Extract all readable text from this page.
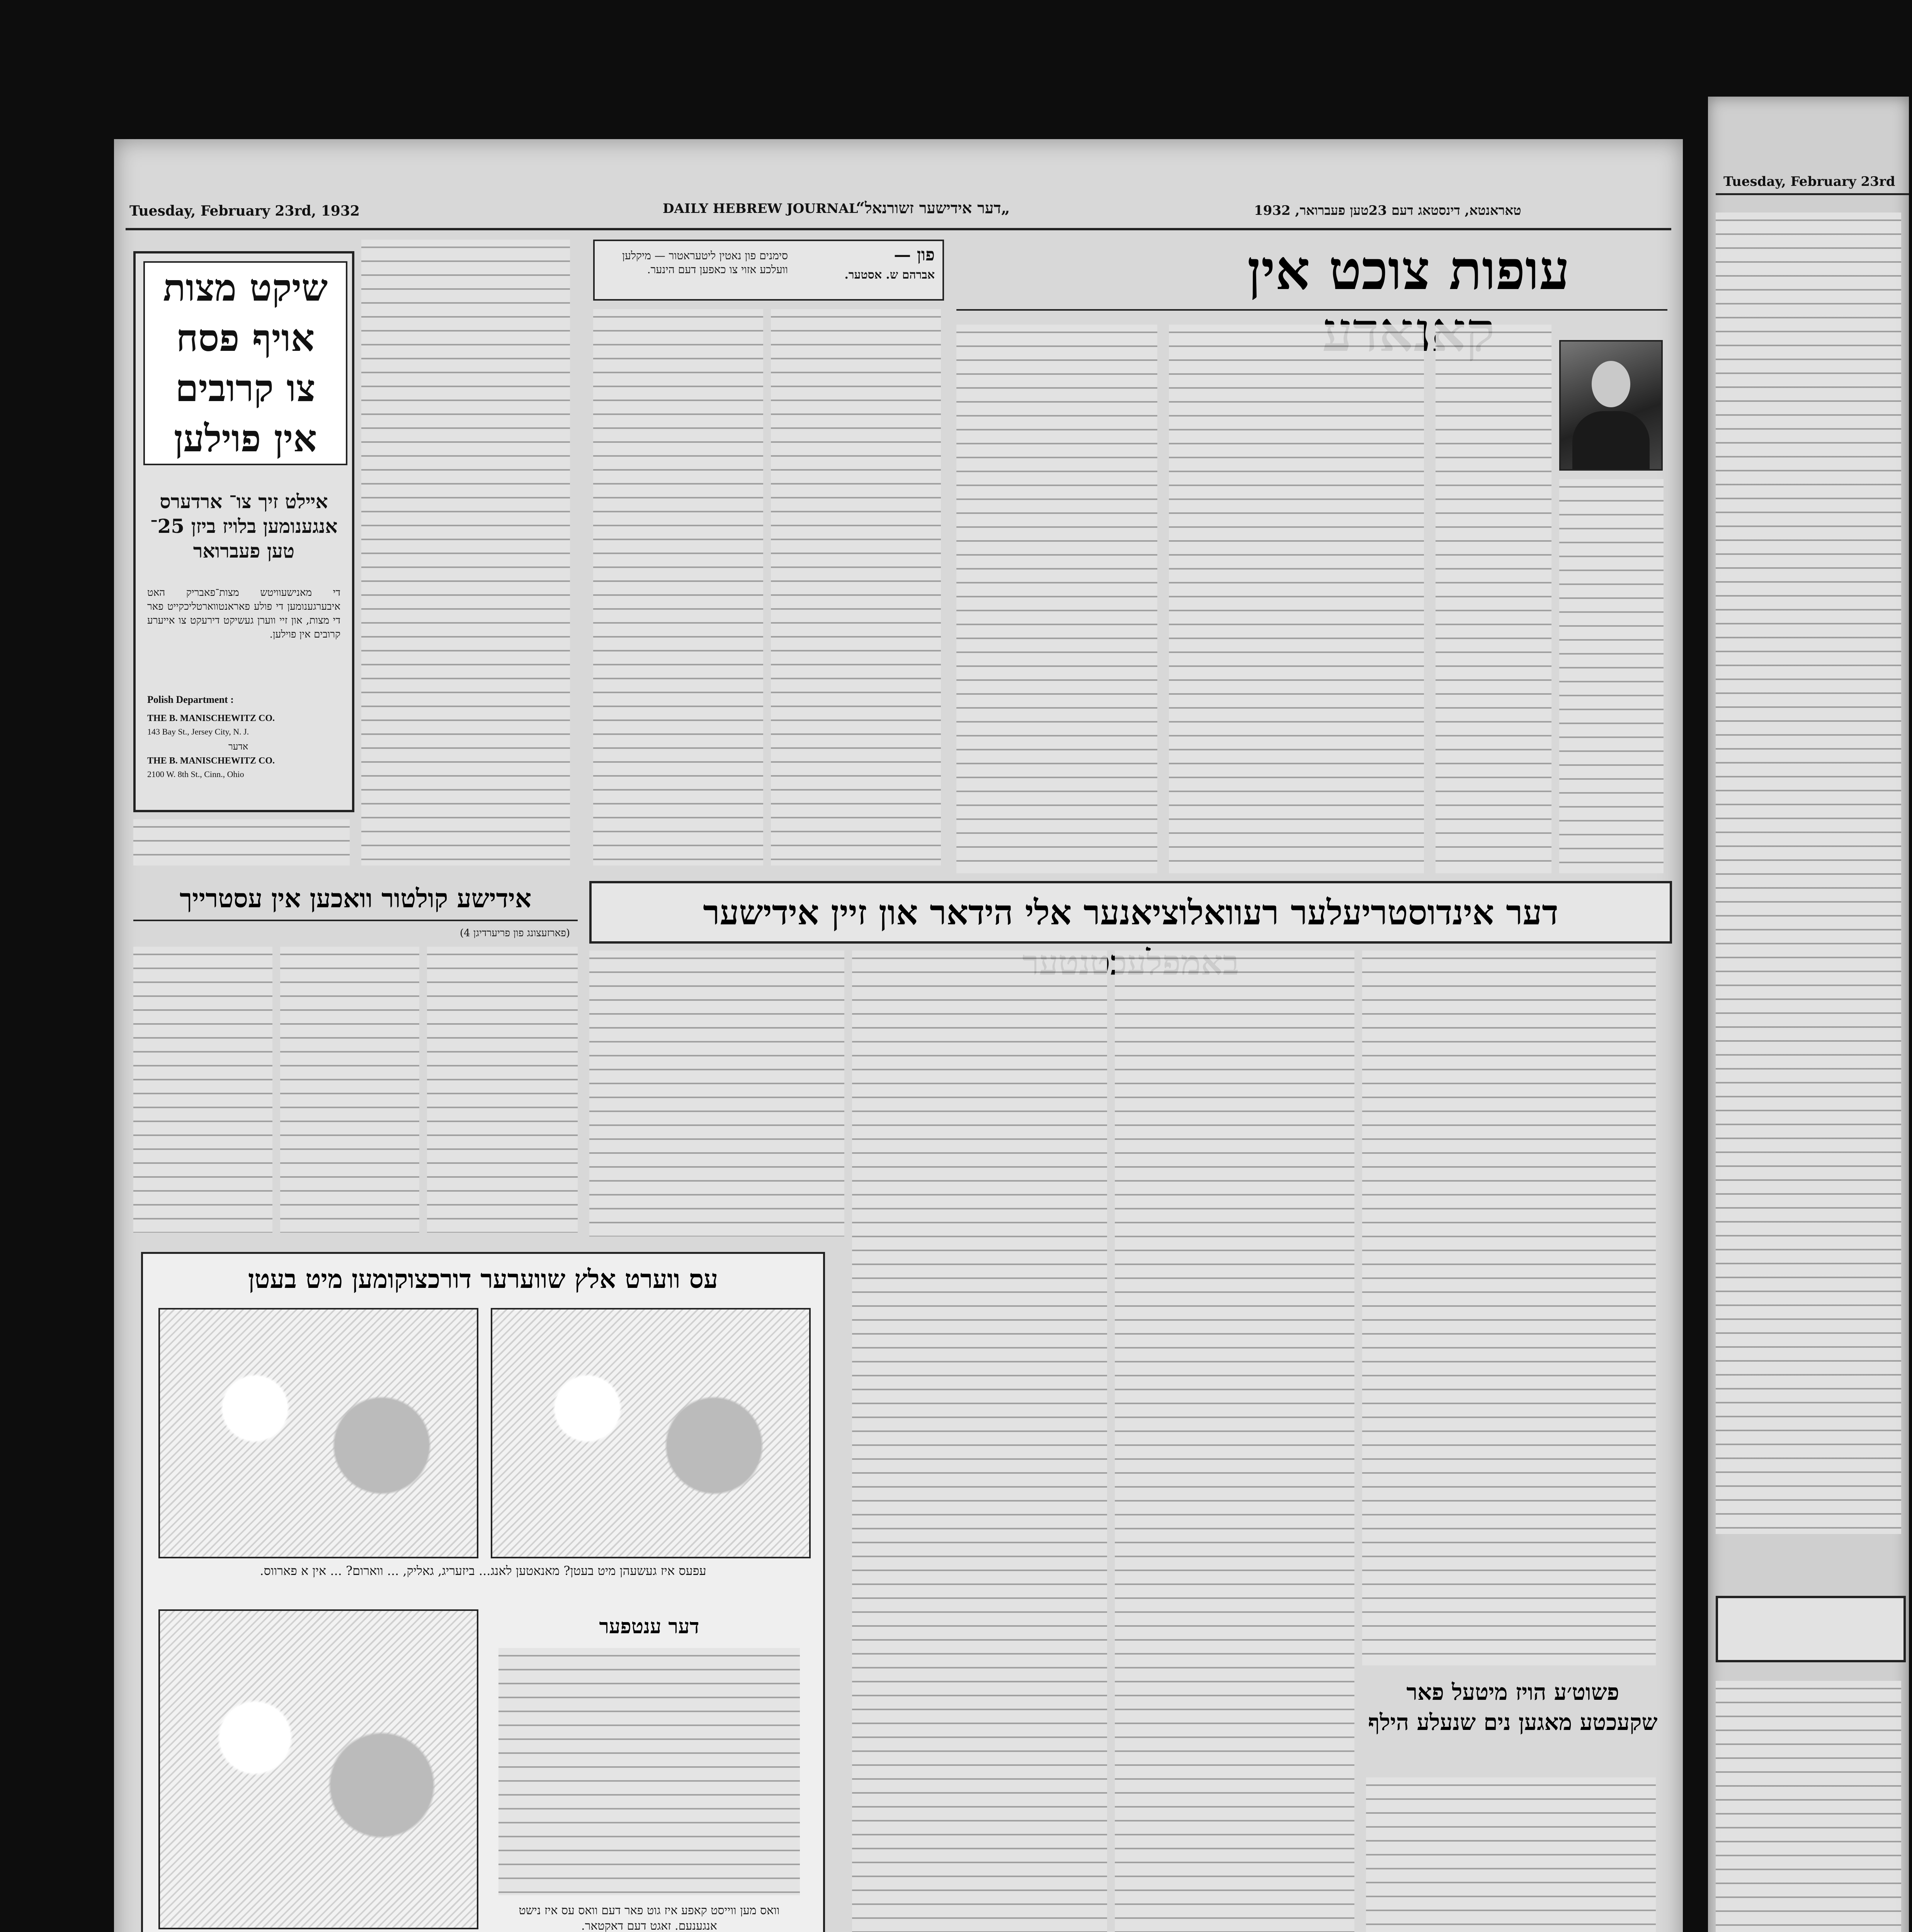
Tuesday, February 23rd, 1932	DAILY HEBREW JOURNAL
„דער אידישער זשורנאל“	טאראנטא, דינסטאג דעם 23טען פעברואר, 1932
שיקט מצות
אויף פסח
צו קרובים
אין פוילען
אײלט זיך צו־ ארדערס אנגענומען בלויז ביזן 25־טען פעברואר
די מאנישעוויטש מצות־פאבריק האט איבערגענומען די פולע פאראנטווארטליכקייט פאר די מצות, און זיי ווערן געשיקט דירעקט צו אייערע קרובים אין פוילען.
Polish Department :
THE B. MANISCHEWITZ CO.
143 Bay St., Jersey City, N. J.
אדער
THE B. MANISCHEWITZ CO.
2100 W. 8th St., Cinn., Ohio
פון —
אברהם ש. אסטער.
סימנים פון נאטין ליטעראטור — מיקלען וועלכע אזוי צו כאפען דעם הינער.	עופות צוכט אין
דער אינדוסטריעלער רעוואלוציאנער אלי הידאר און זיין אידישער
אידישע קולטור וואכען אין עסטרייך
(פארזעצונג פון פריערדיגן 4)
פשוט׳ע הויז מיטעל פאר שקעכטע מאגען נים שנעלע הילף
עס ווערט אלץ שווערער דורכצוקומען מיט בעטן
עפעס איז געשעהן מיט בעטן? מאנאטען לאנג... ביזעריג, גאליק, ... ווארום? ... אין א פארווס.
דער ענטפער
וואס מען ווייסט קאפע איז גוט פאר דעם וואס עס איז נישט אנגענעם. זאגט דעם דאקטאר.
Tuesday, February 23rd
